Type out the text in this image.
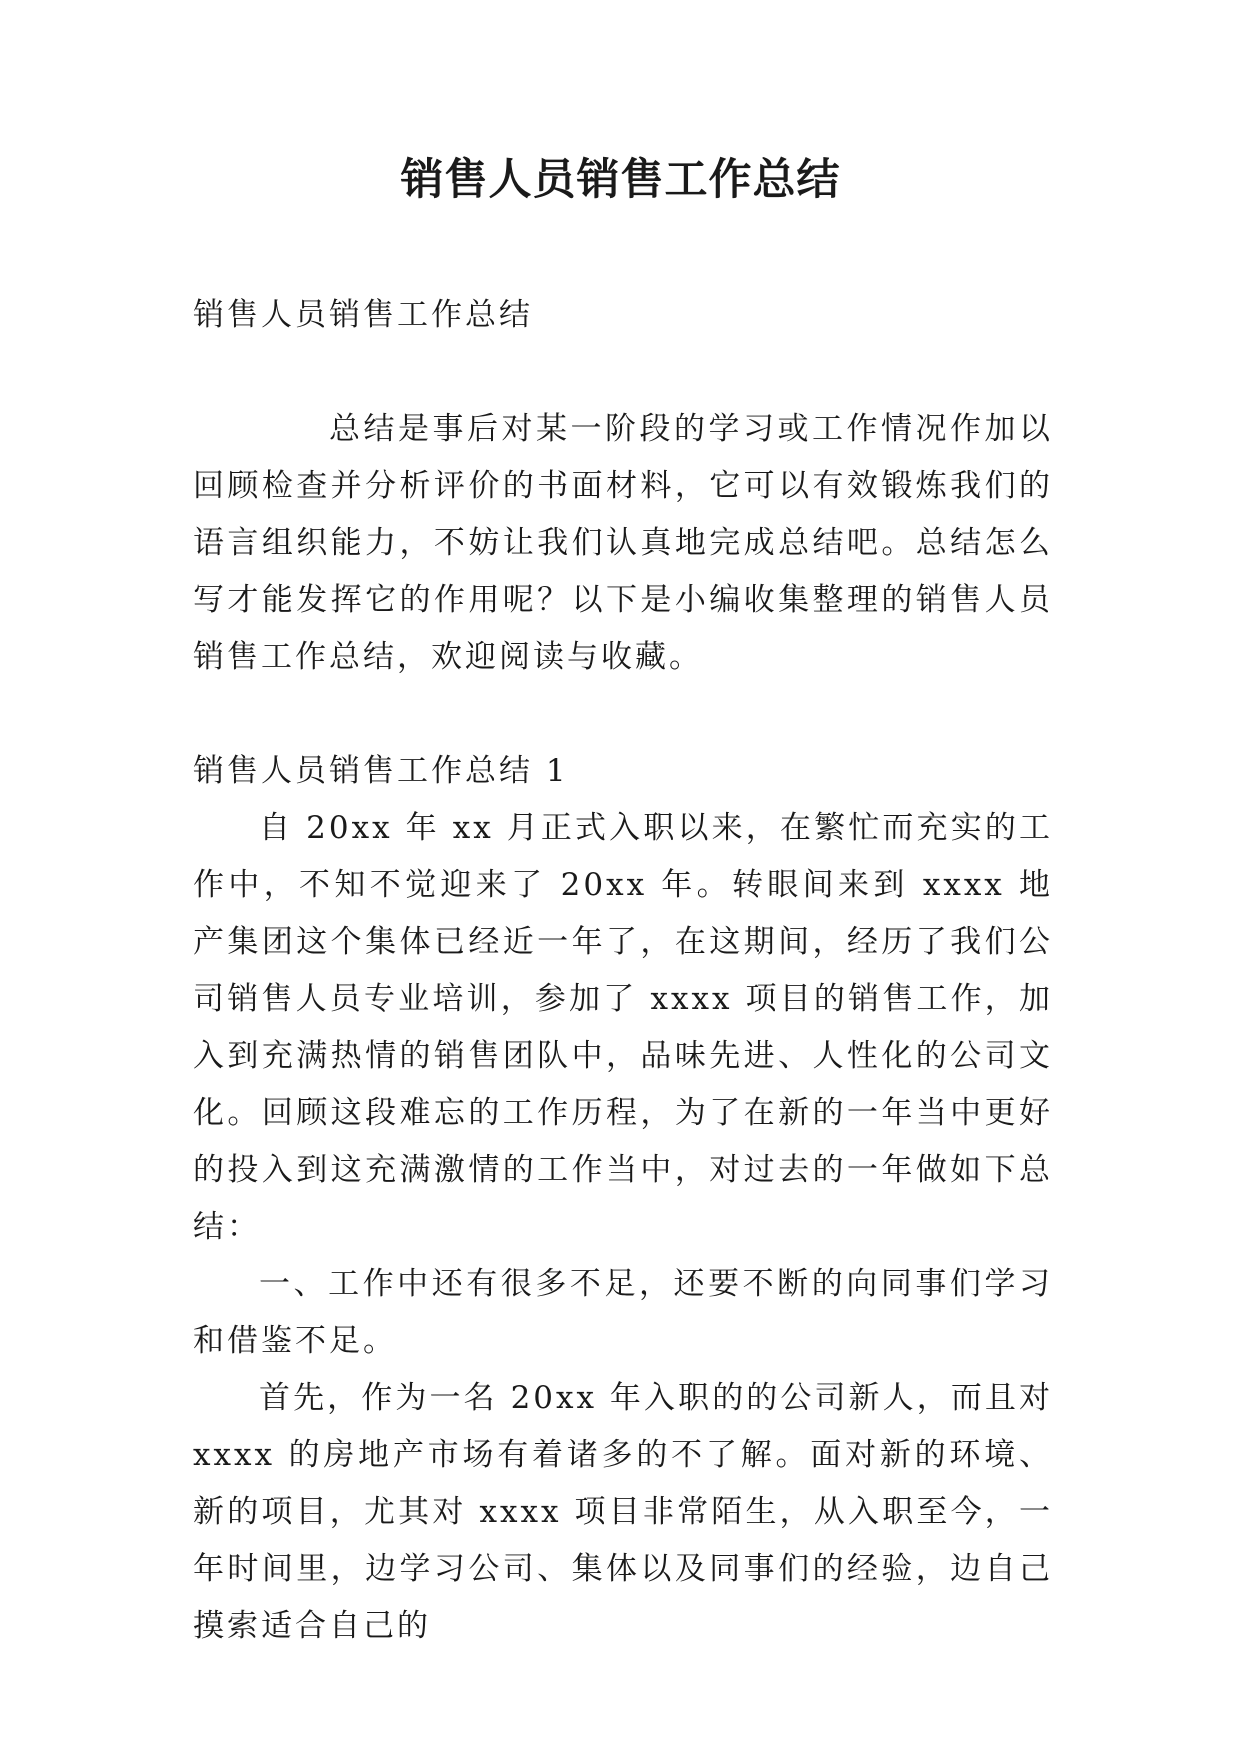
销售人员销售工作总结

销售人员销售工作总结

总结是事后对某一阶段的学习或工作情况作加以回顾检查并分析评价的书面材料，它可以有效锻炼我们的语言组织能力，不妨让我们认真地完成总结吧。总结怎么写才能发挥它的作用呢？以下是小编收集整理的销售人员销售工作总结，欢迎阅读与收藏。

销售人员销售工作总结 1

自 20xx 年 xx 月正式入职以来，在繁忙而充实的工作中，不知不觉迎来了 20xx 年。转眼间来到 xxxx 地产集团这个集体已经近一年了，在这期间，经历了我们公司销售人员专业培训，参加了 xxxx 项目的销售工作，加入到充满热情的销售团队中，品味先进、人性化的公司文化。回顾这段难忘的工作历程，为了在新的一年当中更好的投入到这充满激情的工作当中，对过去的一年做如下总结：

一、工作中还有很多不足，还要不断的向同事们学习和借鉴不足。

首先，作为一名 20xx 年入职的的公司新人，而且对 xxxx 的房地产市场有着诸多的不了解。面对新的环境、新的项目，尤其对 xxxx 项目非常陌生，从入职至今，一年时间里，边学习公司、集体以及同事们的经验，边自己摸索适合自己的
